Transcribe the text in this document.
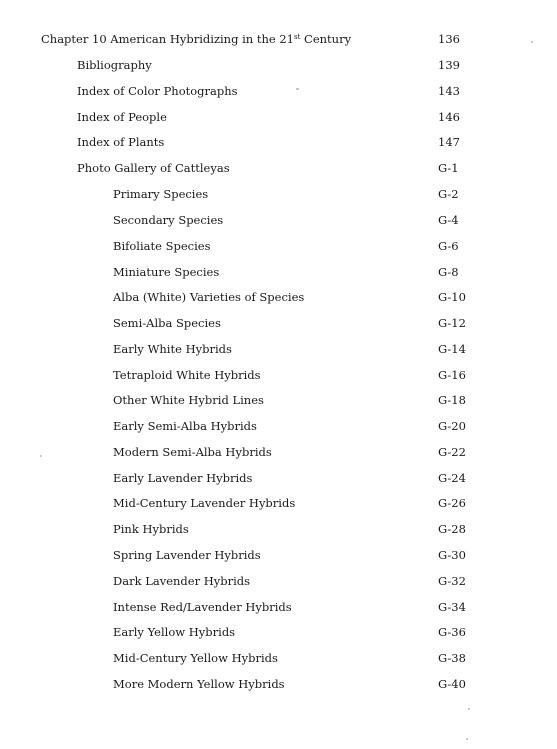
Chapter 10 American Hybridizing in the 21st Century	136
Bibliography	139
Index of Color Photographs	143
Index of People	146
Index of Plants	147
Photo Gallery of Cattleyas	G-1
Primary Species	G-2
Secondary Species	G-4
Bifoliate Species	G-6
Miniature Species	G-8
Alba (White) Varieties of Species	G-10
Semi-Alba Species	G-12
Early White Hybrids	G-14
Tetraploid White Hybrids	G-16
Other White Hybrid Lines	G-18
Early Semi-Alba Hybrids	G-20
Modern Semi-Alba Hybrids	G-22
Early Lavender Hybrids	G-24
Mid-Century Lavender Hybrids	G-26
Pink Hybrids	G-28
Spring Lavender Hybrids	G-30
Dark Lavender Hybrids	G-32
Intense Red/Lavender Hybrids	G-34
Early Yellow Hybrids	G-36
Mid-Century Yellow Hybrids	G-38
More Modern Yellow Hybrids	G-40
